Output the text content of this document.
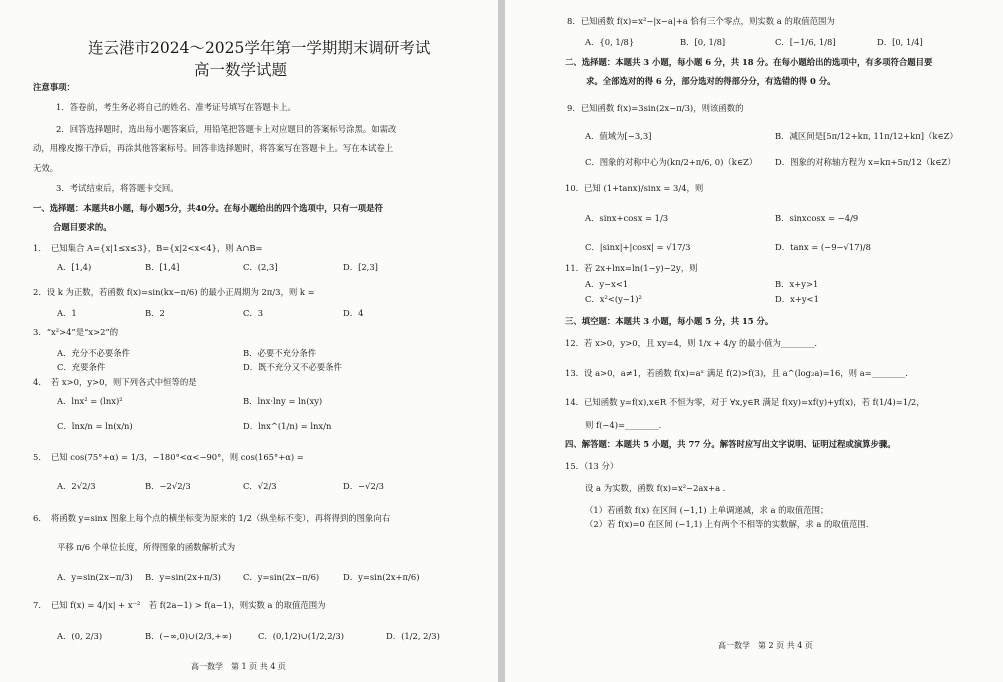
连云港市2024～2025学年第一学期期末调研考试
高一数学试题
注意事项：
1．答卷前，考生务必将自己的姓名、准考证号填写在答题卡上。
2．回答选择题时，选出每小题答案后，用铅笔把答题卡上对应题目的答案标号涂黑。如需改
动，用橡皮擦干净后，再涂其他答案标号。回答非选择题时，将答案写在答题卡上。写在本试卷上
无效。
3．考试结束后，将答题卡交回。
一、选择题：本题共8小题，每小题5分，共40分。在每小题给出的四个选项中，只有一项是符
合题目要求的。
1．　已知集合 A={x|1≤x≤3}，B={x|2<x<4}，则 A∩B=
A．[1,4)	B．[1,4]	C．(2,3]	D．[2,3]
2．设 k 为正数，若函数 f(x)=sin(kx−π/6) 的最小正周期为 2π/3，则 k =
A．1	B．2	C．3	D．4
3．“x²>4”是“x>2”的
A．充分不必要条件	B．必要不充分条件
C．充要条件	D．既不充分又不必要条件
4．　若 x>0，y>0，则下列各式中恒等的是
A．lnx² = (lnx)²	B．lnx·lny = ln(xy)
C．lnx/n = ln(x/n)	D．lnx^(1/n) = lnx/n
5．　已知 cos(75°+α) = 1/3，−180°<α<−90°，则 cos(165°+α) =
A．2√2/3	B．−2√2/3	C．√2/3	D．−√2/3
6．　将函数 y=sinx 图象上每个点的横坐标变为原来的 1/2（纵坐标不变），再将得到的图象向右
平移 π/6 个单位长度，所得图象的函数解析式为
A．y=sin(2x−π/3) B．y=sin(2x+π/3)	C．y=sin(2x−π/6)	D．y=sin(2x+π/6)
7．　已知 f(x) = 4/|x| + x⁻²　若 f(2a−1) > f(a−1)，则实数 a 的取值范围为
A．(0, 2/3)	B．(−∞,0)∪(2/3,+∞)	C．(0,1/2)∪(1/2,2/3)	D．(1/2, 2/3)
高一数学　第 1 页 共 4 页
8．已知函数 f(x)=x²−|x−a|+a 恰有三个零点，则实数 a 的取值范围为
A．{0, 1/8}	B．[0, 1/8]	C．[−1/6, 1/8]	D．[0, 1/4]
二、选择题：本题共 3 小题，每小题 6 分，共 18 分。在每小题给出的选项中，有多项符合题目要
求。全部选对的得 6 分，部分选对的得部分分，有选错的得 0 分。
9．已知函数 f(x)=3sin(2x−π/3)，则该函数的
A．值域为[−3,3]	B．减区间是[5π/12+kπ, 11π/12+kπ]（k∈Z）
C．图象的对称中心为(kπ/2+π/6, 0)（k∈Z） D．图象的对称轴方程为 x=kπ+5π/12（k∈Z）
10．已知 (1+tanx)/sinx = 3/4，则
A．sinx+cosx = 1/3	B．sinxcosx = −4/9
C．|sinx|+|cosx| = √17/3	D．tanx = (−9−√17)/8
11．若 2x+lnx=ln(1−y)−2y，则
A．y−x<1	B．x+y>1
C．x²<(y−1)²	D．x+y<1
三、填空题：本题共 3 小题，每小题 5 分，共 15 分。
12．若 x>0，y>0，且 xy=4，则 1/x + 4/y 的最小值为________.
13．设 a>0，a≠1，若函数 f(x)=aˣ 满足 f(2)>f(3)，且 a^(log₂a)=16，则 a=________.
14．已知函数 y=f(x),x∈R 不恒为零，对于 ∀x,y∈R 满足 f(xy)=xf(y)+yf(x)，若 f(1/4)=1/2，
则 f(−4)=________.
四、解答题：本题共 5 小题，共 77 分。解答时应写出文字说明、证明过程或演算步骤。
15．（13 分）
设 a 为实数，函数 f(x)=x²−2ax+a .
（1）若函数 f(x) 在区间 (−1,1) 上单调递减，求 a 的取值范围；
（2）若 f(x)=0 在区间 (−1,1) 上有两个不相等的实数解，求 a 的取值范围.
高一数学　第 2 页 共 4 页
